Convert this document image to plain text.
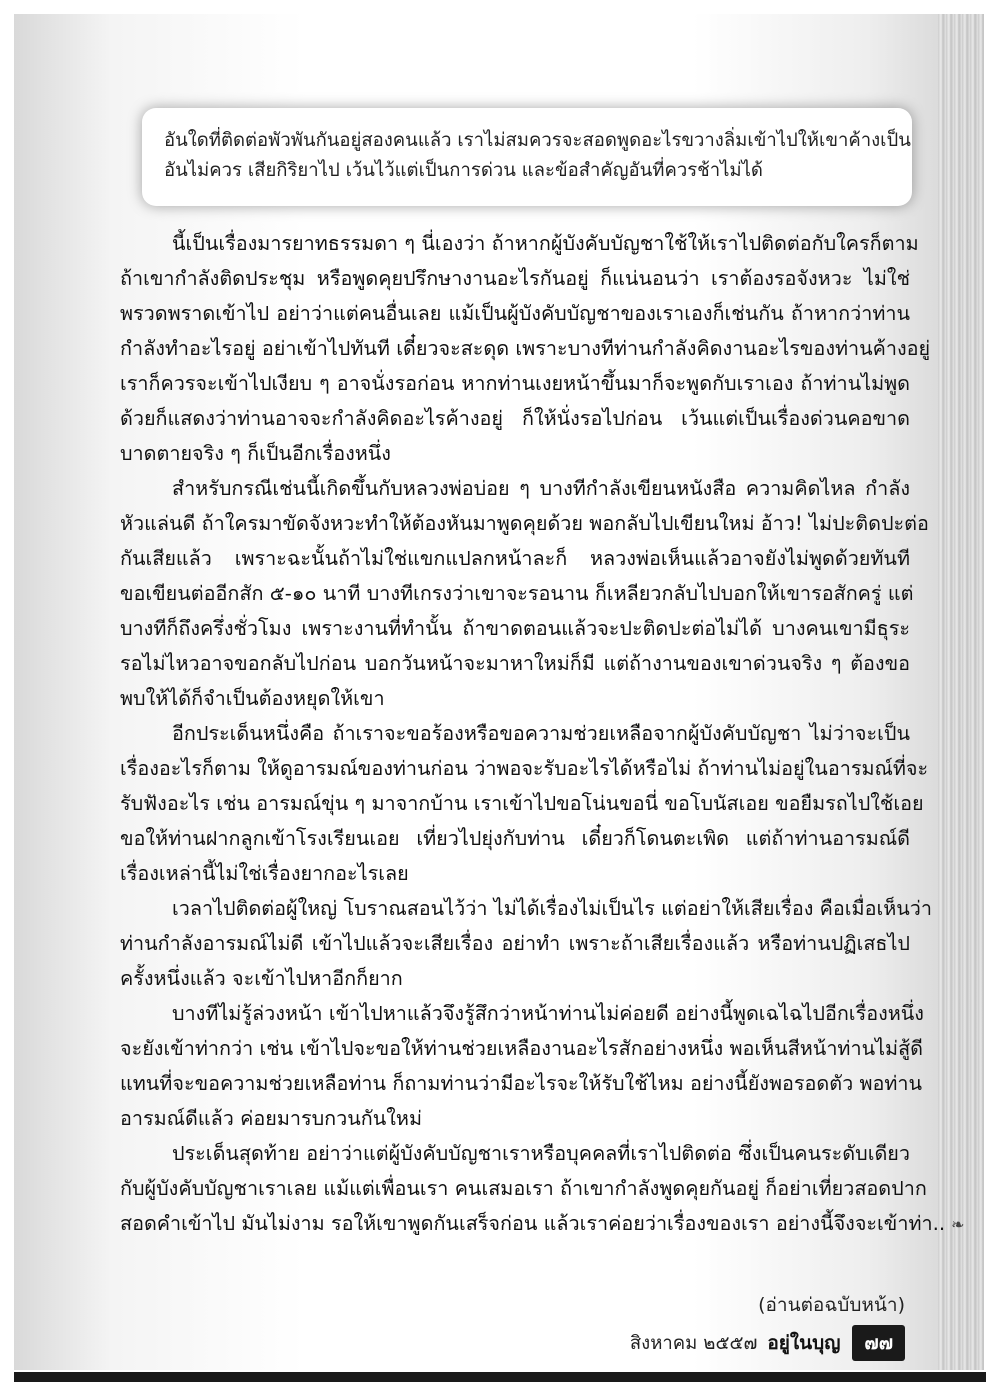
อันใดที่ติดต่อพัวพันกันอยู่สองคนแล้ว เราไม่สมควรจะสอดพูดอะไรขวางลิ่มเข้าไปให้เขาค้างเป็น
อันไม่ควร เสียกิริยาไป เว้นไว้แต่เป็นการด่วน และข้อสำคัญอันที่ควรช้าไม่ได้
นี้เป็นเรื่องมารยาทธรรมดา ๆ นี่เองว่า ถ้าหากผู้บังคับบัญชาใช้ให้เราไปติดต่อกับใครก็ตาม
ถ้าเขากำลังติดประชุม หรือพูดคุยปรึกษางานอะไรกันอยู่ ก็แน่นอนว่า เราต้องรอจังหวะ ไม่ใช่
พรวดพราดเข้าไป อย่าว่าแต่คนอื่นเลย แม้เป็นผู้บังคับบัญชาของเราเองก็เช่นกัน ถ้าหากว่าท่าน
กำลังทำอะไรอยู่ อย่าเข้าไปทันที เดี๋ยวจะสะดุด เพราะบางทีท่านกำลังคิดงานอะไรของท่านค้างอยู่
เราก็ควรจะเข้าไปเงียบ ๆ อาจนั่งรอก่อน หากท่านเงยหน้าขึ้นมาก็จะพูดกับเราเอง ถ้าท่านไม่พูด
ด้วยก็แสดงว่าท่านอาจจะกำลังคิดอะไรค้างอยู่ ก็ให้นั่งรอไปก่อน เว้นแต่เป็นเรื่องด่วนคอขาด
บาดตายจริง ๆ ก็เป็นอีกเรื่องหนึ่ง
สำหรับกรณีเช่นนี้เกิดขึ้นกับหลวงพ่อบ่อย ๆ บางทีกำลังเขียนหนังสือ ความคิดไหล กำลัง
หัวแล่นดี ถ้าใครมาขัดจังหวะทำให้ต้องหันมาพูดคุยด้วย พอกลับไปเขียนใหม่ อ้าว! ไม่ปะติดปะต่อ
กันเสียแล้ว เพราะฉะนั้นถ้าไม่ใช่แขกแปลกหน้าละก็ หลวงพ่อเห็นแล้วอาจยังไม่พูดด้วยทันที
ขอเขียนต่ออีกสัก ๕-๑๐ นาที บางทีเกรงว่าเขาจะรอนาน ก็เหลียวกลับไปบอกให้เขารอสักครู่ แต่
บางทีก็ถึงครึ่งชั่วโมง เพราะงานที่ทำนั้น ถ้าขาดตอนแล้วจะปะติดปะต่อไม่ได้ บางคนเขามีธุระ
รอไม่ไหวอาจขอกลับไปก่อน บอกวันหน้าจะมาหาใหม่ก็มี แต่ถ้างานของเขาด่วนจริง ๆ ต้องขอ
พบให้ได้ก็จำเป็นต้องหยุดให้เขา
อีกประเด็นหนึ่งคือ ถ้าเราจะขอร้องหรือขอความช่วยเหลือจากผู้บังคับบัญชา ไม่ว่าจะเป็น
เรื่องอะไรก็ตาม ให้ดูอารมณ์ของท่านก่อน ว่าพอจะรับอะไรได้หรือไม่ ถ้าท่านไม่อยู่ในอารมณ์ที่จะ
รับฟังอะไร เช่น อารมณ์ขุ่น ๆ มาจากบ้าน เราเข้าไปขอโน่นขอนี่ ขอโบนัสเอย ขอยืมรถไปใช้เอย
ขอให้ท่านฝากลูกเข้าโรงเรียนเอย เที่ยวไปยุ่งกับท่าน เดี๋ยวก็โดนตะเพิด แต่ถ้าท่านอารมณ์ดี
เรื่องเหล่านี้ไม่ใช่เรื่องยากอะไรเลย
เวลาไปติดต่อผู้ใหญ่ โบราณสอนไว้ว่า ไม่ได้เรื่องไม่เป็นไร แต่อย่าให้เสียเรื่อง คือเมื่อเห็นว่า
ท่านกำลังอารมณ์ไม่ดี เข้าไปแล้วจะเสียเรื่อง อย่าทำ เพราะถ้าเสียเรื่องแล้ว หรือท่านปฏิเสธไป
ครั้งหนึ่งแล้ว จะเข้าไปหาอีกก็ยาก
บางทีไม่รู้ล่วงหน้า เข้าไปหาแล้วจึงรู้สึกว่าหน้าท่านไม่ค่อยดี อย่างนี้พูดเฉไฉไปอีกเรื่องหนึ่ง
จะยังเข้าท่ากว่า เช่น เข้าไปจะขอให้ท่านช่วยเหลืองานอะไรสักอย่างหนึ่ง พอเห็นสีหน้าท่านไม่สู้ดี
แทนที่จะขอความช่วยเหลือท่าน ก็ถามท่านว่ามีอะไรจะให้รับใช้ไหม อย่างนี้ยังพอรอดตัว พอท่าน
อารมณ์ดีแล้ว ค่อยมารบกวนกันใหม่
ประเด็นสุดท้าย อย่าว่าแต่ผู้บังคับบัญชาเราหรือบุคคลที่เราไปติดต่อ ซึ่งเป็นคนระดับเดียว
กับผู้บังคับบัญชาเราเลย แม้แต่เพื่อนเรา คนเสมอเรา ถ้าเขากำลังพูดคุยกันอยู่ ก็อย่าเที่ยวสอดปาก
สอดคำเข้าไป มันไม่งาม รอให้เขาพูดกันเสร็จก่อน แล้วเราค่อยว่าเรื่องของเรา อย่างนี้จึงจะเข้าท่า.. ❧
(อ่านต่อฉบับหน้า)
สิงหาคม ๒๕๕๗ อยู่ในบุญ	๗๗
